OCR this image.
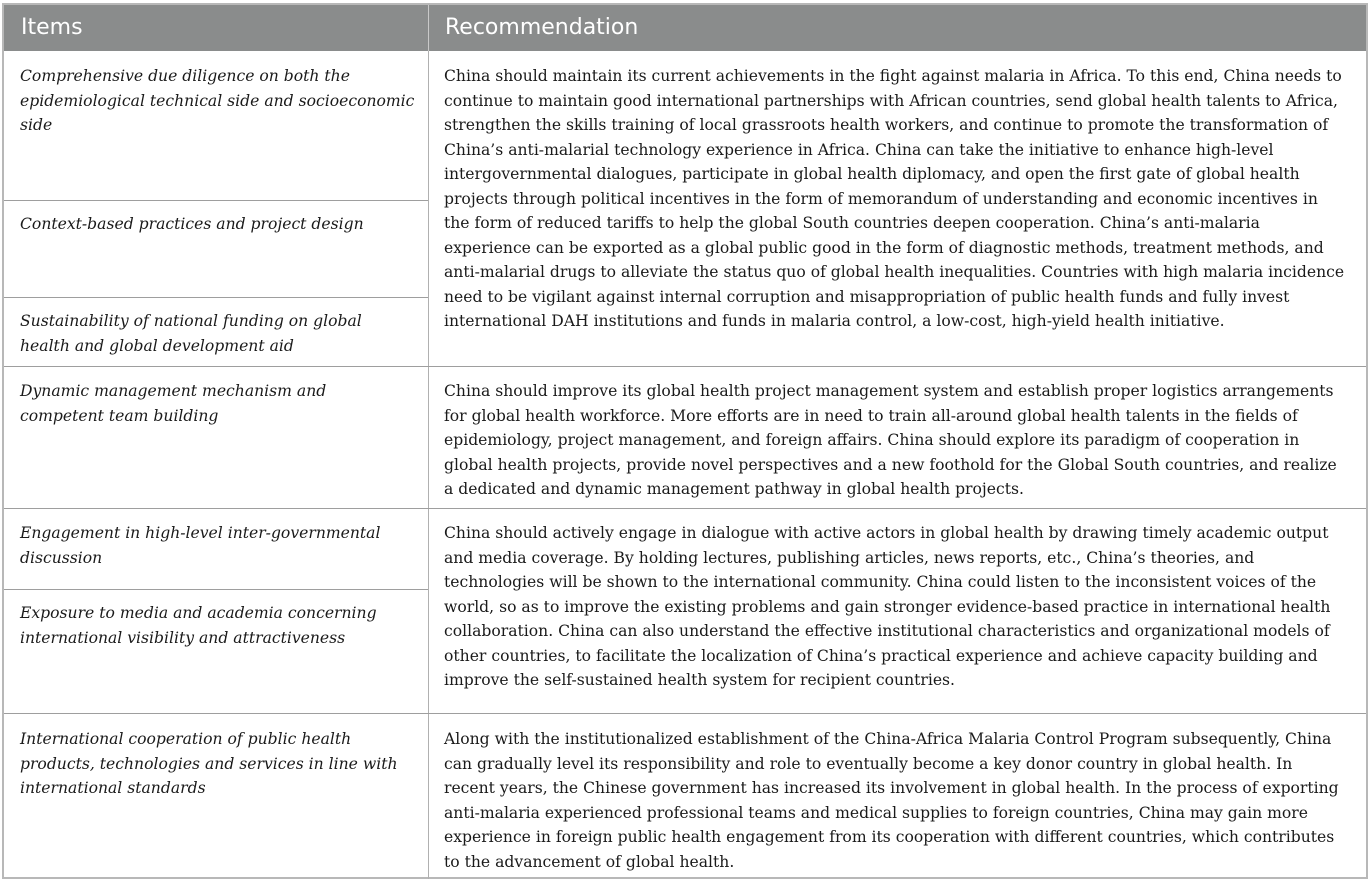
Items	Recommendation
Comprehensive due diligence on both the epidemiological technical side and socioeconomic side
Context-based practices and project design
Sustainability of national funding on global health and global development aid
China should maintain its current achievements in the fight against malaria in Africa. To this end, China needs to continue to maintain good international partnerships with African countries, send global health talents to Africa, strengthen the skills training of local grassroots health workers, and continue to promote the transformation of China’s anti-malarial technology experience in Africa. China can take the initiative to enhance high-level intergovernmental dialogues, participate in global health diplomacy, and open the first gate of global health projects through political incentives in the form of memorandum of understanding and economic incentives in the form of reduced tariffs to help the global South countries deepen cooperation. China’s anti-malaria experience can be exported as a global public good in the form of diagnostic methods, treatment methods, and anti-malarial drugs to alleviate the status quo of global health inequalities. Countries with high malaria incidence need to be vigilant against internal corruption and misappropriation of public health funds and fully invest international DAH institutions and funds in malaria control, a low-cost, high-yield health initiative.
Dynamic management mechanism and competent team building
China should improve its global health project management system and establish proper logistics arrangements for global health workforce. More efforts are in need to train all-around global health talents in the fields of epidemiology, project management, and foreign affairs. China should explore its paradigm of cooperation in global health projects, provide novel perspectives and a new foothold for the Global South countries, and realize a dedicated and dynamic management pathway in global health projects.
Engagement in high-level inter-governmental discussion
Exposure to media and academia concerning international visibility and attractiveness
China should actively engage in dialogue with active actors in global health by drawing timely academic output and media coverage. By holding lectures, publishing articles, news reports, etc., China’s theories, and technologies will be shown to the international community. China could listen to the inconsistent voices of the world, so as to improve the existing problems and gain stronger evidence-based practice in international health collaboration. China can also understand the effective institutional characteristics and organizational models of other countries, to facilitate the localization of China’s practical experience and achieve capacity building and improve the self-sustained health system for recipient countries.
International cooperation of public health products, technologies and services in line with international standards
Along with the institutionalized establishment of the China-Africa Malaria Control Program subsequently, China can gradually level its responsibility and role to eventually become a key donor country in global health. In recent years, the Chinese government has increased its involvement in global health. In the process of exporting anti-malaria experienced professional teams and medical supplies to foreign countries, China may gain more experience in foreign public health engagement from its cooperation with different countries, which contributes to the advancement of global health.
